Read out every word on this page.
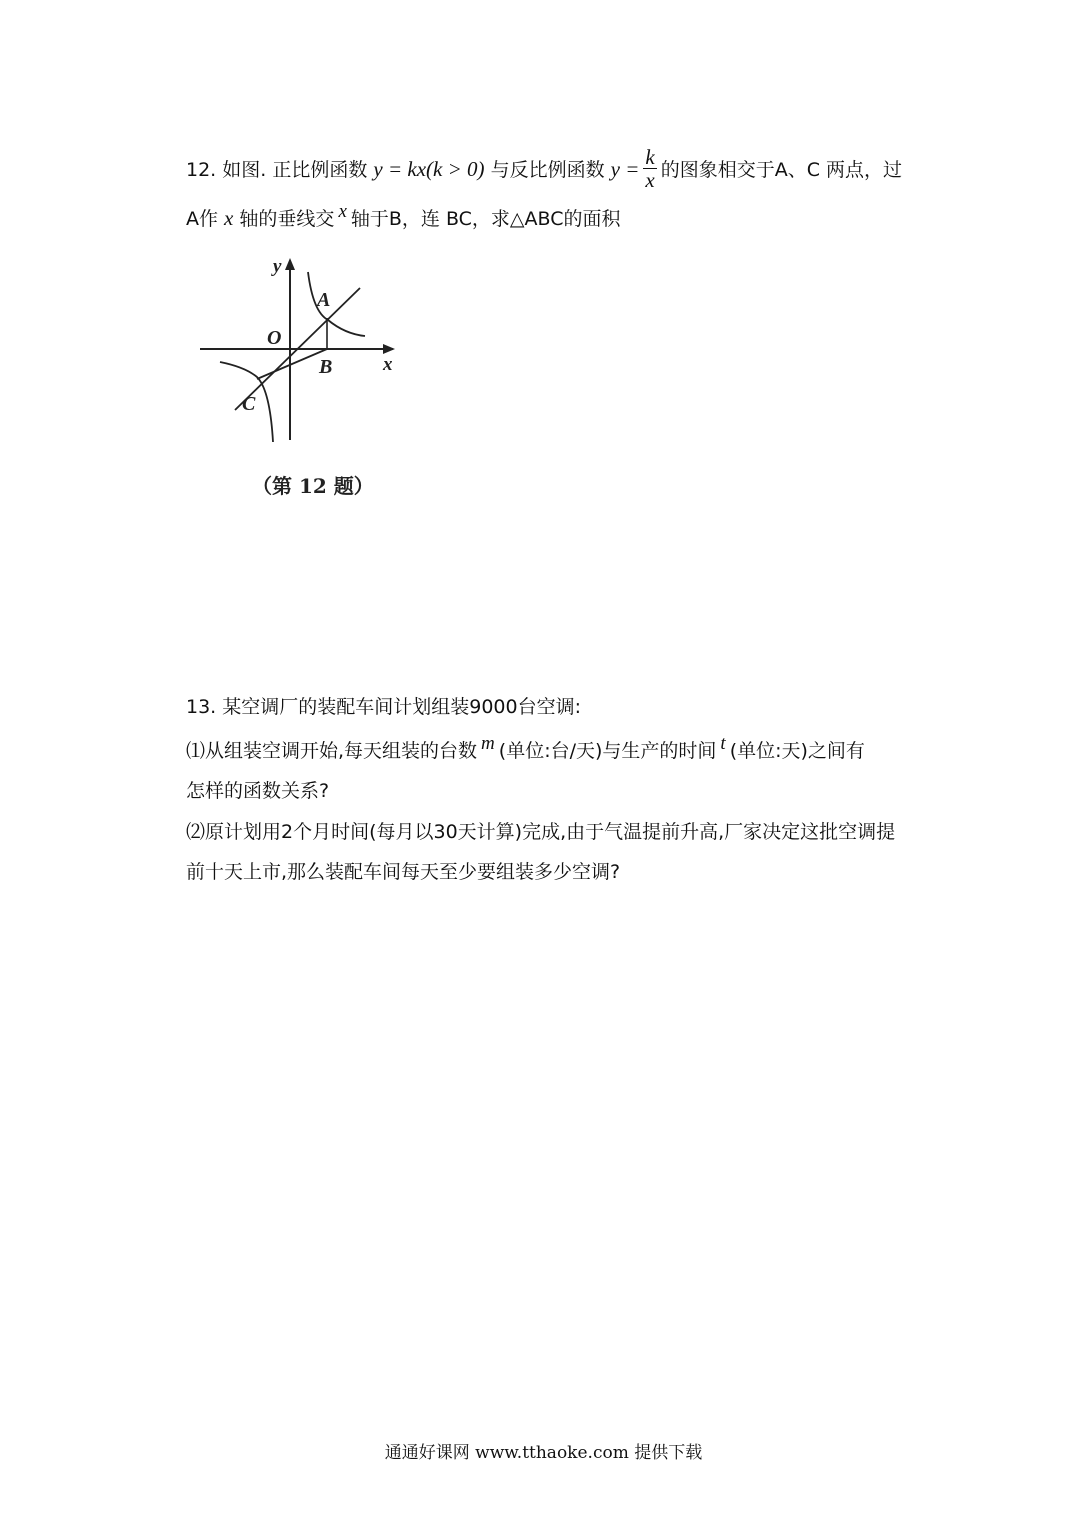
12. 如图. 正比例函数 y = kx(k > 0) 与反比例函数 $y = \frac{k}{x}$ 的图象相交于A、C 两点，过
A作 x 轴的垂线交 x 轴于B，连 BC，求△ABC的面积
y
x
O
A
B
C
（第 12 题）
13. 某空调厂的装配车间计划组装9000台空调:
⑴从组装空调开始,每天组装的台数 m (单位:台/天)与生产的时间 t (单位:天)之间有
怎样的函数关系?
⑵原计划用2个月时间(每月以30天计算)完成,由于气温提前升高,厂家决定这批空调提
前十天上市,那么装配车间每天至少要组装多少空调?
通通好课网 www.tthaoke.com 提供下载
